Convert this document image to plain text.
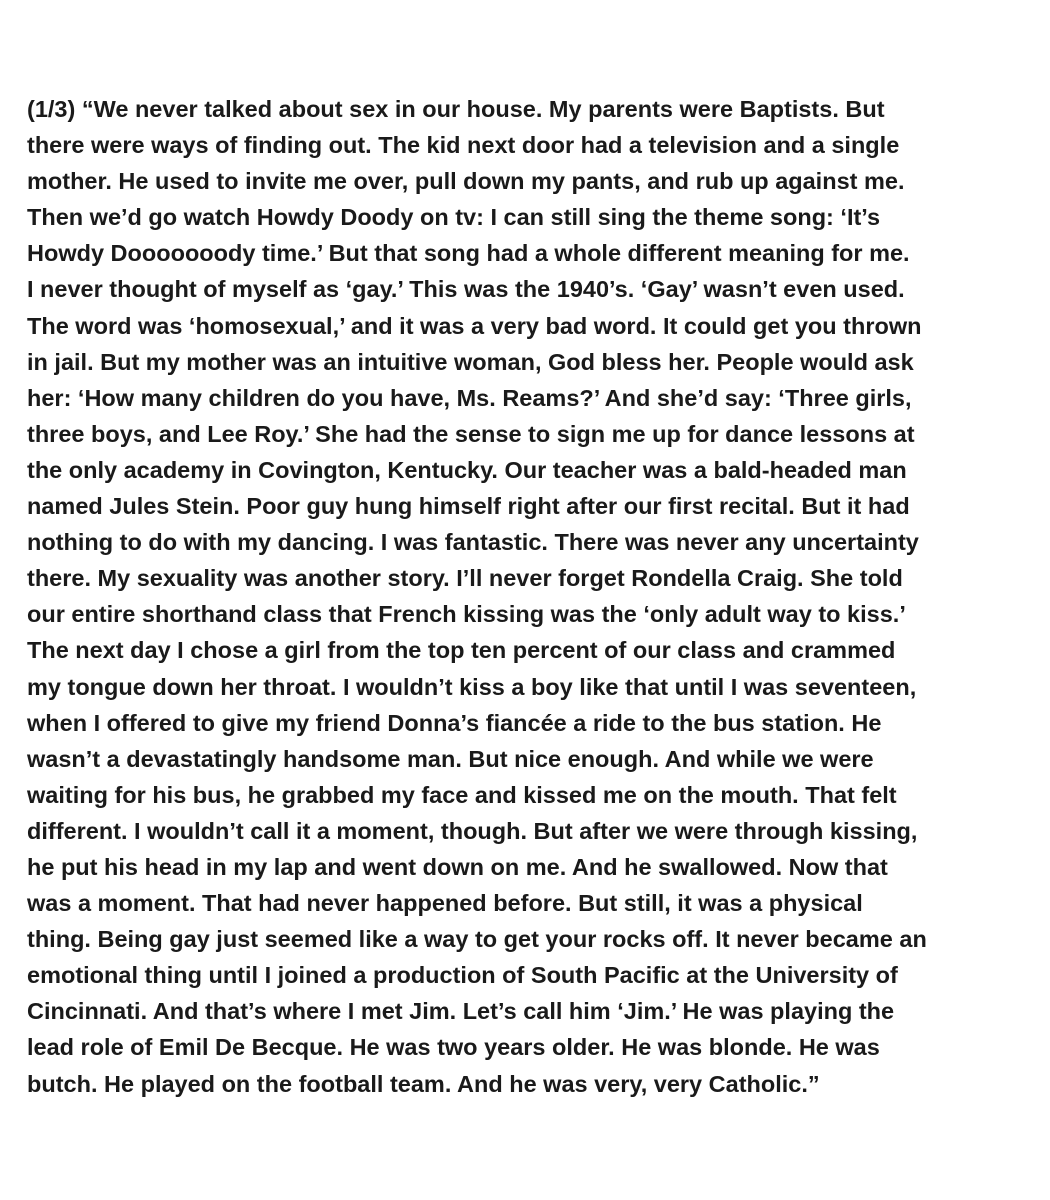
(1/3) “We never talked about sex in our house. My parents were Baptists. But
there were ways of finding out. The kid next door had a television and a single
mother. He used to invite me over, pull down my pants, and rub up against me.
Then we’d go watch Howdy Doody on tv: I can still sing the theme song: ‘It’s
Howdy Dooooooody time.’ But that song had a whole different meaning for me.
I never thought of myself as ‘gay.’ This was the 1940’s. ‘Gay’ wasn’t even used.
The word was ‘homosexual,’ and it was a very bad word. It could get you thrown
in jail. But my mother was an intuitive woman, God bless her. People would ask
her: ‘How many children do you have, Ms. Reams?’ And she’d say: ‘Three girls,
three boys, and Lee Roy.’ She had the sense to sign me up for dance lessons at
the only academy in Covington, Kentucky. Our teacher was a bald-headed man
named Jules Stein. Poor guy hung himself right after our first recital. But it had
nothing to do with my dancing. I was fantastic. There was never any uncertainty
there. My sexuality was another story. I’ll never forget Rondella Craig. She told
our entire shorthand class that French kissing was the ‘only adult way to kiss.’
The next day I chose a girl from the top ten percent of our class and crammed
my tongue down her throat. I wouldn’t kiss a boy like that until I was seventeen,
when I offered to give my friend Donna’s fiancée a ride to the bus station. He
wasn’t a devastatingly handsome man. But nice enough. And while we were
waiting for his bus, he grabbed my face and kissed me on the mouth. That felt
different. I wouldn’t call it a moment, though. But after we were through kissing,
he put his head in my lap and went down on me. And he swallowed. Now that
was a moment. That had never happened before. But still, it was a physical
thing. Being gay just seemed like a way to get your rocks off. It never became an
emotional thing until I joined a production of South Pacific at the University of
Cincinnati. And that’s where I met Jim. Let’s call him ‘Jim.’ He was playing the
lead role of Emil De Becque. He was two years older. He was blonde. He was
butch. He played on the football team. And he was very, very Catholic.”
